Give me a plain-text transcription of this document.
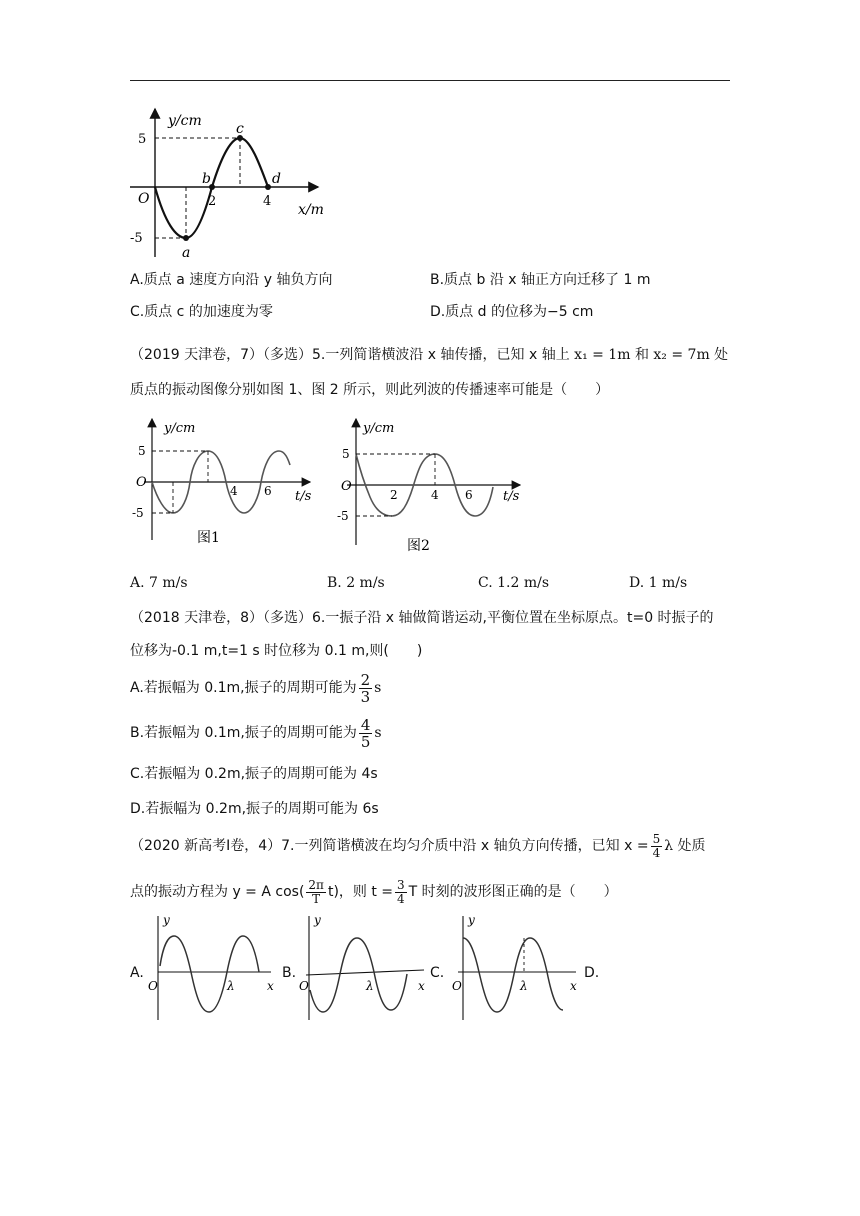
y/cm
5
-5
O	2	4
x/m
a
b
c
d
A.质点 a 速度方向沿 y 轴负方向	B.质点 b 沿 x 轴正方向迁移了 1 m
C.质点 c 的加速度为零	D.质点 d 的位移为−5 cm
（2019 天津卷，7）（多选）5.一列简谐横波沿 x 轴传播，已知 x 轴上 x₁ = 1m 和 x₂ = 7m 处
质点的振动图像分别如图 1、图 2 所示，则此列波的传播速率可能是（　　）
y/cm
5
-5
O
4 6 t/s
图1
y/cm
5
-5
O
2	4 6 t/s
图2
A. 7 m/s	B. 2 m/s	C. 1.2 m/s	D. 1 m/s
（2018 天津卷，8）（多选）6.一振子沿 x 轴做简谐运动,平衡位置在坐标原点。t=0 时振子的
位移为-0.1 m,t=1 s 时位移为 0.1 m,则(　　)
A.若振幅为 0.1m,振子的周期可能为 $\frac{2}{3}$ s
B.若振幅为 0.1m,振子的周期可能为 $\frac{4}{5}$ s
C.若振幅为 0.2m,振子的周期可能为 4s
D.若振幅为 0.2m,振子的周期可能为 6s
（2020 新高考Ⅰ卷，4）7.一列简谐横波在均匀介质中沿 x 轴负方向传播，已知 $x = \frac{5}{4}$ λ 处质
点的振动方程为 y = A $\cos( \frac{2\pi}{T} t)$，则 $t = \frac{3}{4}$ T 时刻的波形图正确的是（　　）
A.
y
O	λ	x
B.
y
O	λ	x
C.
y
O	λ	x
D.
